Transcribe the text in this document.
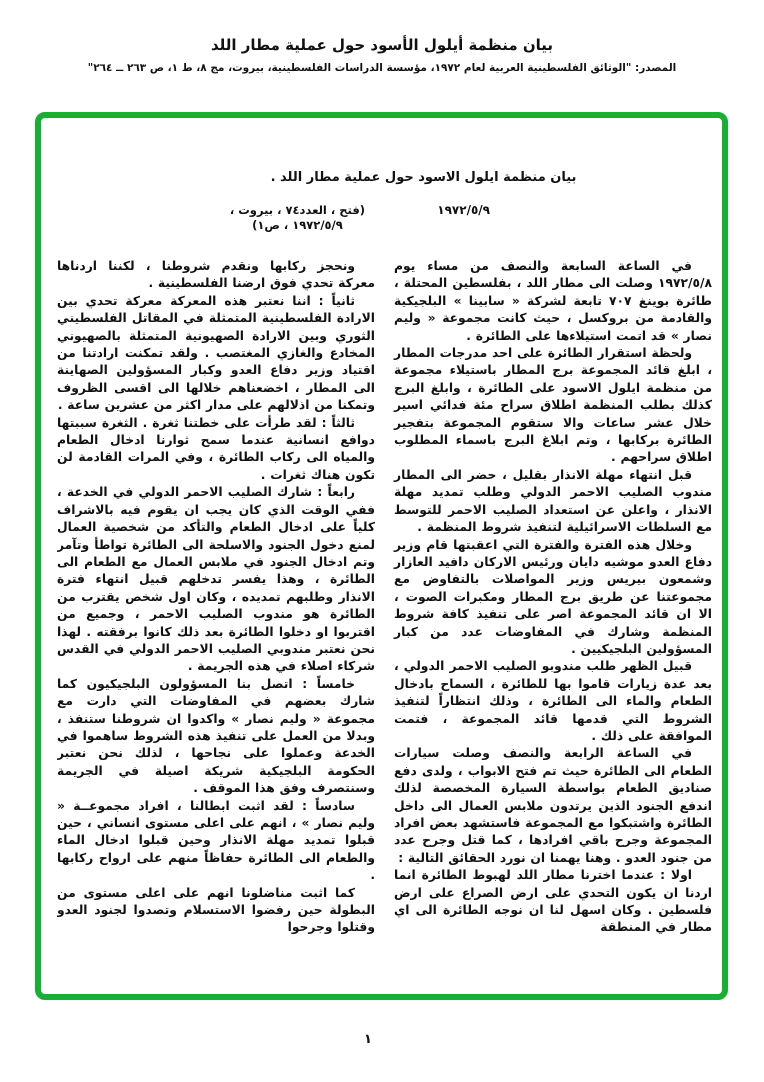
بيان منظمة أيلول الأسود حول عملية مطار اللد
المصدر: "الوثائق الفلسطينية العربية لعام ١٩٧٢، مؤسسة الدراسات الفلسطينية، بيروت، مج ٨، ط ١، ص ٢٦٣ ــ ٢٦٤"
بيان منظمة ايلول الاسود حول عملية مطار اللد .
١٩٧٢/٥/٩
(فتح ، العدد٧٤ ، بيروت ،
١٩٧٢/٥/٩ ، ص١)

في الساعة السابعة والنصف من مساء يوم ١٩٧٢/٥/٨ وصلت الى مطار اللد ، بفلسطين المحتلة ، طائرة بوينغ ٧٠٧ تابعة لشركة « سابينا » البلجيكية والقادمة من بروكسل ، حيث كانت مجموعة « وليم نصار » قد اتمت استيلاءها على الطائرة .

ولحظة استقرار الطائرة على احد مدرجات المطار ، ابلغ قائد المجموعة برج المطار باستيلاء مجموعة من منظمة ايلول الاسود على الطائرة ، وابلغ البرج كذلك بطلب المنظمة اطلاق سراح مئة فدائي اسير خلال عشر ساعات والا ستقوم المجموعة بتفجير الطائرة بركابها ، وتم ابلاغ البرج باسماء المطلوب اطلاق سراحهم .

قبل انتهاء مهلة الانذار بقليل ، حضر الى المطار مندوب الصليب الاحمر الدولي وطلب تمديد مهلة الانذار ، واعلن عن استعداد الصليب الاحمر للتوسط مع السلطات الاسرائيلية لتنفيذ شروط المنظمة .

وخلال هذه الفترة والفترة التي اعقبتها قام وزير دفاع العدو موشيه دايان ورئيس الاركان دافيد العازار وشمعون بيريس وزير المواصلات بالتفاوض مع مجموعتنا عن طريق برج المطار ومكبرات الصوت ، الا ان قائد المجموعة اصر على تنفيذ كافة شروط المنظمة وشارك في المفاوضات عدد من كبار المسؤولين البلجيكيين .

قبيل الظهر طلب مندوبو الصليب الاحمر الدولي ، بعد عدة زيارات قاموا بها للطائرة ، السماح بادخال الطعام والماء الى الطائرة ، وذلك انتظاراً لتنفيذ الشروط التي قدمها قائد المجموعة ، فتمت الموافقة على ذلك .

في الساعة الرابعة والنصف وصلت سيارات الطعام الى الطائرة حيث تم فتح الابواب ، ولدى دفع صناديق الطعام بواسطة السيارة المخصصة لذلك اندفع الجنود الذين يرتدون ملابس العمال الى داخل الطائرة واشتبكوا مع المجموعة فاستشهد بعض افراد المجموعة وجرح باقي افرادها ، كما قتل وجرح عدد من جنود العدو . وهنا يهمنا ان نورد الحقائق التالية :

اولا : عندما اخترنا مطار اللد لهبوط الطائرة انما اردنا ان يكون التحدي على ارض الصراع على ارض فلسطين . وكان اسهل لنا ان نوجه الطائرة الى اي مطار في المنطقة

ونحجز ركابها ونقدم شروطنا ، لكننا اردناها معركة تحدي فوق ارضنا الفلسطينية .

ثانياً : اننا نعتبر هذه المعركة معركة تحدي بين الارادة الفلسطينية المتمثلة في المقاتل الفلسطيني الثوري وبين الارادة الصهيونية المتمثلة بالصهيوني المخادع والغازي المغتصب . ولقد تمكنت ارادتنا من اقتياد وزير دفاع العدو وكبار المسؤولين الصهاينة الى المطار ، اخضعناهم خلالها الى اقسى الظروف وتمكنا من اذلالهم على مدار اكثر من عشرين ساعة .

ثالثاً : لقد طرأت على خطتنا ثغرة . الثغرة سببتها دوافع انسانية عندما سمح ثوارنا ادخال الطعام والمياه الى ركاب الطائرة ، وفي المرات القادمة لن تكون هناك ثغرات .

رابعاً : شارك الصليب الاحمر الدولي في الخدعة ، ففي الوقت الذي كان يجب ان يقوم فيه بالاشراف كلياً على ادخال الطعام والتأكد من شخصية العمال لمنع دخول الجنود والاسلحة الى الطائرة تواطأ وتآمر وتم ادخال الجنود في ملابس العمال مع الطعام الى الطائرة ، وهذا يفسر تدخلهم قبيل انتهاء فترة الانذار وطلبهم تمديده ، وكان اول شخص يقترب من الطائرة هو مندوب الصليب الاحمر ، وجميع من اقتربوا او دخلوا الطائرة بعد ذلك كانوا برفقته . لهذا نحن نعتبر مندوبي الصليب الاحمر الدولي في القدس شركاء اصلاء في هذه الجريمة .

خامساً : اتصل بنا المسؤولون البلجيكيون كما شارك بعضهم في المفاوضات التي دارت مع مجموعة « وليم نصار » واكدوا ان شروطنا ستنفذ ، وبدلا من العمل على تنفيذ هذه الشروط ساهموا في الخدعة وعملوا على نجاحها ، لذلك نحن نعتبر الحكومة البلجيكية شريكة اصيلة في الجريمة وسنتصرف وفق هذا الموقف .

سادساً : لقد اثبت ابطالنا ، افراد مجموعــة « وليم نصار » ، انهم على اعلى مستوى انساني ، حين قبلوا تمديد مهلة الانذار وحين قبلوا ادخال الماء والطعام الى الطائرة حفاظاً منهم على ارواح ركابها .

كما اثبت مناضلونا انهم على اعلى مستوى من البطولة حين رفضوا الاستسلام وتصدوا لجنود العدو وقتلوا وجرحوا

١
